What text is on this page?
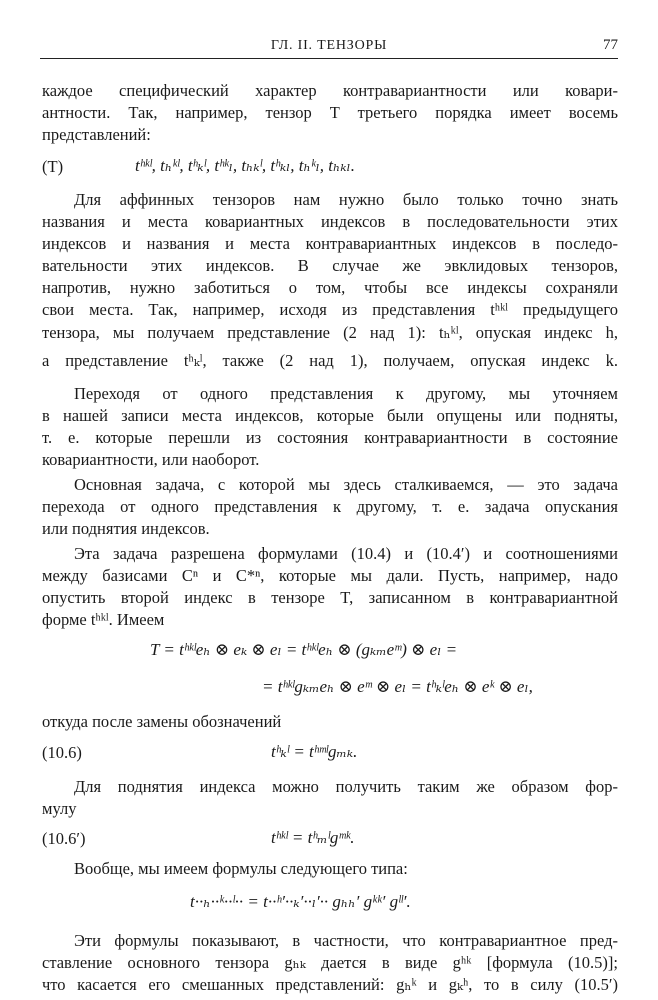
ГЛ. II. ТЕНЗОРЫ	77
каждое специфический характер контравариантности или ковари-
антности. Так, например, тензор T третьего порядка имеет восемь
представлений:
(T)	tʰᵏˡ, tₕᵏˡ, tʰₖˡ, tʰᵏₗ, tₕₖˡ, tʰₖₗ, tₕᵏₗ, tₕₖₗ.
Для аффинных тензоров нам нужно было только точно знать
названия и места ковариантных индексов в последовательности этих
индексов и названия и места контравариантных индексов в последо-
вательности этих индексов. В случае же эвклидовых тензоров,
напротив, нужно заботиться о том, чтобы все индексы сохраняли
свои места. Так, например, исходя из представления tʰᵏˡ предыдущего
тензора, мы получаем представление (2 над 1): tₕᵏˡ, опуская индекс h,
а представление tʰₖˡ, также (2 над 1), получаем, опуская индекс k.
Переходя от одного представления к другому, мы уточняем
в нашей записи места индексов, которые были опущены или подняты,
т. е. которые перешли из состояния контравариантности в состояние
ковариантности, или наоборот.
Основная задача, с которой мы здесь сталкиваемся, — это задача
перехода от одного представления к другому, т. е. задача опускания
или поднятия индексов.
Эта задача разрешена формулами (10.4) и (10.4′) и соотношениями
между базисами Cⁿ и C*ⁿ, которые мы дали. Пусть, например, надо
опустить второй индекс в тензоре T, записанном в контравариантной
форме tʰᵏˡ. Имеем
T = tʰᵏˡeₕ ⊗ eₖ ⊗ eₗ = tʰᵏˡeₕ ⊗ (gₖₘeᵐ) ⊗ eₗ =
= tʰᵏˡgₖₘeₕ ⊗ eᵐ ⊗ eₗ = tʰₖˡeₕ ⊗ eᵏ ⊗ eₗ,
откуда после замены обозначений
(10.6)	tʰₖˡ = tʰᵐˡgₘₖ.
Для поднятия индекса можно получить таким же образом фор-
мулу
(10.6′)	tʰᵏˡ = tʰₘˡgᵐᵏ.
Вообще, мы имеем формулы следующего типа:
t··ₕ··ᵏ··ˡ·· = t··ʰ′··ₖ′··ₗ′·· gₕₕ′ gᵏᵏ′ gˡˡ′.
Эти формулы показывают, в частности, что контравариантное пред-
ставление основного тензора gₕₖ дается в виде gʰᵏ [формула (10.5)];
что касается его смешанных представлений: gₕᵏ и gₖʰ, то в силу (10.5′)
